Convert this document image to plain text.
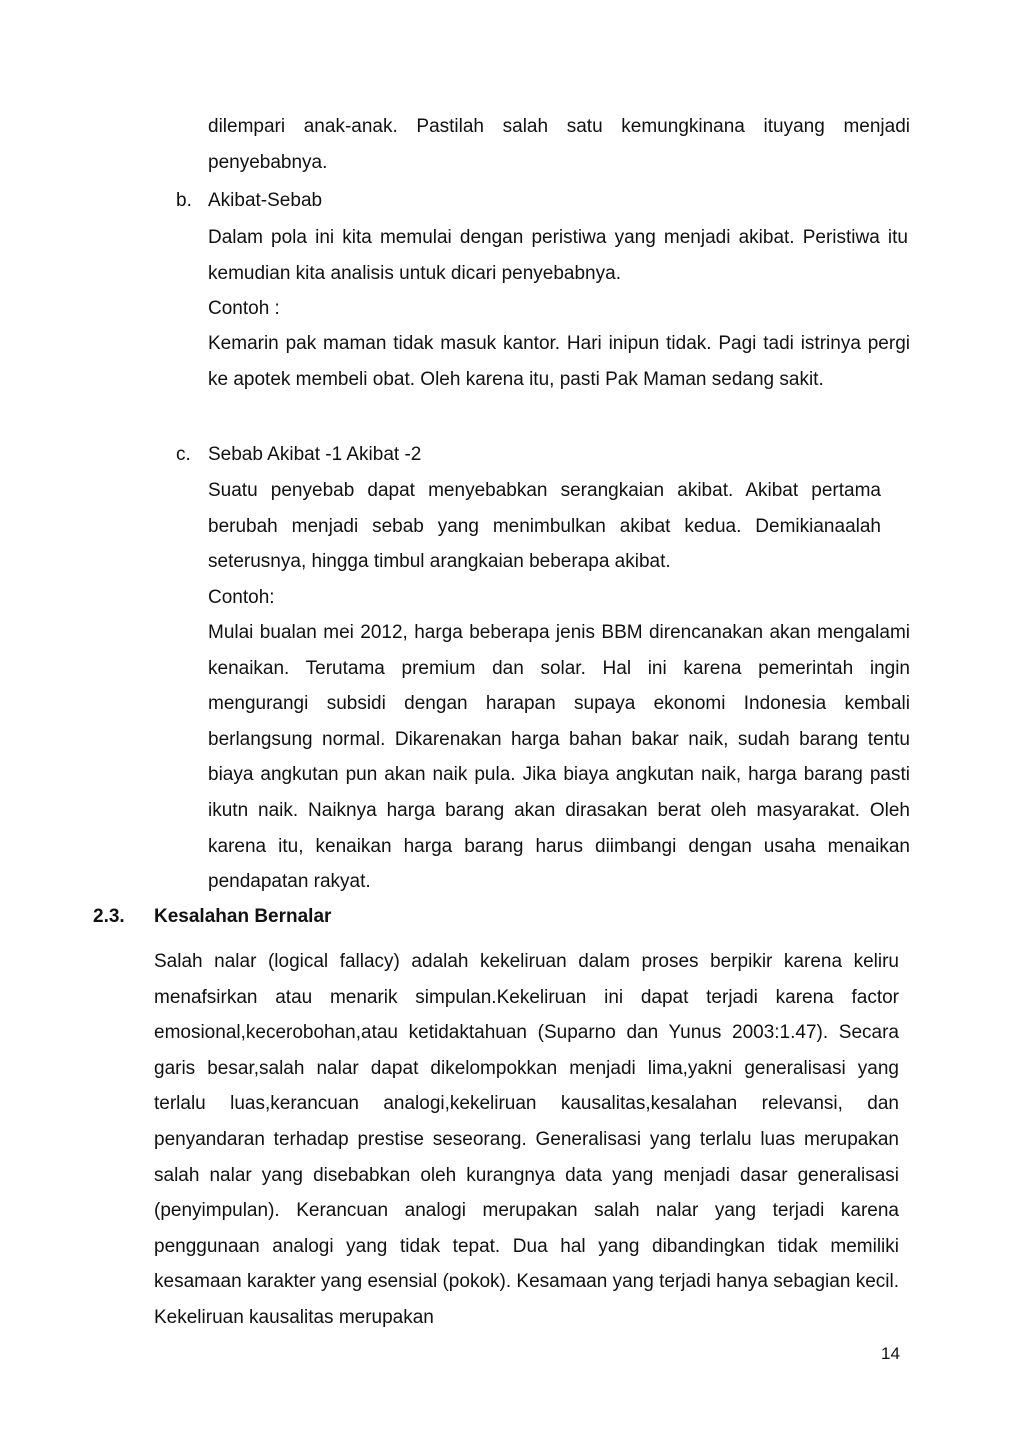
dilempari anak-anak. Pastilah salah satu kemungkinana ituyang menjadi penyebabnya.

b. Akibat-Sebab

Dalam pola ini kita memulai dengan peristiwa yang menjadi akibat. Peristiwa itu kemudian kita analisis untuk dicari penyebabnya.

Contoh :

Kemarin pak maman tidak masuk kantor. Hari inipun tidak. Pagi tadi istrinya pergi ke apotek membeli obat. Oleh karena itu, pasti Pak Maman sedang sakit.

c. Sebab Akibat -1 Akibat -2

Suatu penyebab dapat menyebabkan serangkaian akibat. Akibat pertama berubah menjadi sebab yang menimbulkan akibat kedua. Demikianaalah seterusnya, hingga timbul arangkaian beberapa akibat.

Contoh:

Mulai bualan mei 2012, harga beberapa jenis BBM direncanakan akan mengalami kenaikan. Terutama premium dan solar. Hal ini karena pemerintah ingin mengurangi subsidi dengan harapan supaya ekonomi Indonesia kembali berlangsung normal. Dikarenakan harga bahan bakar naik, sudah barang tentu biaya angkutan pun akan naik pula. Jika biaya angkutan naik, harga barang pasti ikutn naik. Naiknya harga barang akan dirasakan berat oleh masyarakat. Oleh karena itu, kenaikan harga barang harus diimbangi dengan usaha menaikan pendapatan rakyat.

2.3. Kesalahan Bernalar

Salah nalar (logical fallacy) adalah kekeliruan dalam proses berpikir karena keliru menafsirkan atau menarik simpulan.Kekeliruan ini dapat terjadi karena factor emosional,kecerobohan,atau ketidaktahuan (Suparno dan Yunus 2003:1.47). Secara garis besar,salah nalar dapat dikelompokkan menjadi lima,yakni generalisasi yang terlalu luas,kerancuan analogi,kekeliruan kausalitas,kesalahan relevansi, dan penyandaran terhadap prestise seseorang. Generalisasi yang terlalu luas merupakan salah nalar yang disebabkan oleh kurangnya data yang menjadi dasar generalisasi (penyimpulan). Kerancuan analogi merupakan salah nalar yang terjadi karena penggunaan analogi yang tidak tepat. Dua hal yang dibandingkan tidak memiliki kesamaan karakter yang esensial (pokok). Kesamaan yang terjadi hanya sebagian kecil. Kekeliruan kausalitas merupakan

14
